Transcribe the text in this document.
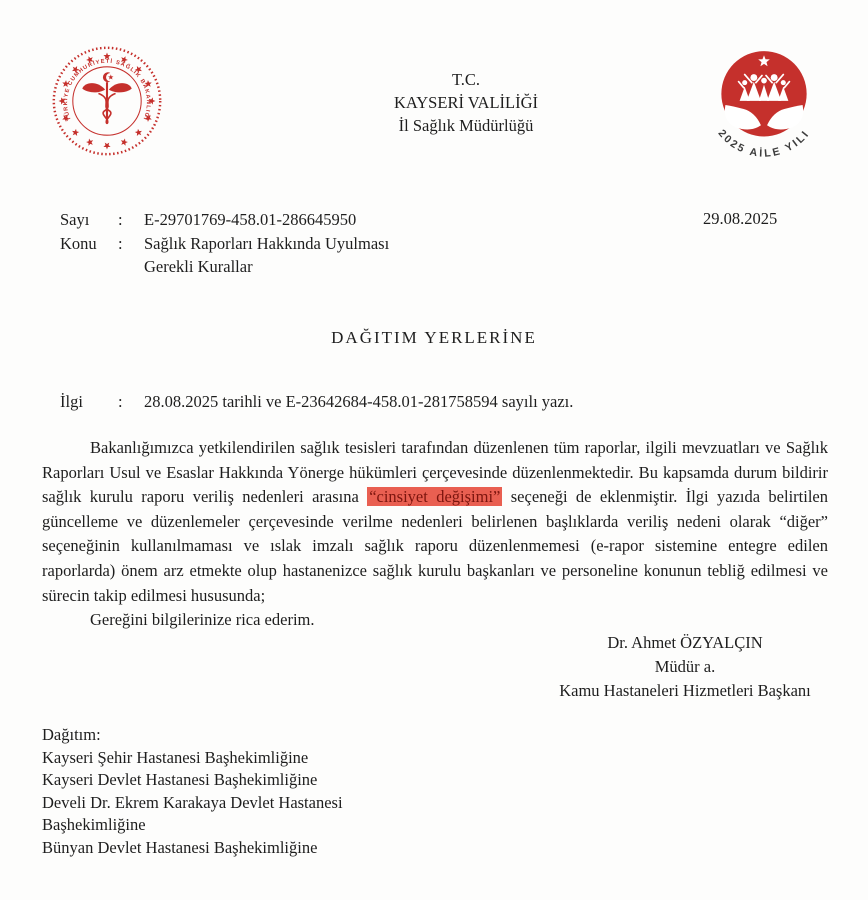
TÜRKİYE CUMHURİYETİ SAĞLIK BAKANLIĞI
2025 AİLE YILI
T.C.
KAYSERİ VALİLİĞİ
İl Sağlık Müdürlüğü
Sayı	:	E-29701769-458.01-286645950
Konu	:	Sağlık Raporları Hakkında Uyulması
Gerekli Kurallar
29.08.2025
DAĞITIM YERLERİNE
İlgi	:	28.08.2025 tarihli ve E-23642684-458.01-281758594 sayılı yazı.

Bakanlığımızca yetkilendirilen sağlık tesisleri tarafından düzenlenen tüm raporlar, ilgili mevzuatları ve Sağlık Raporları Usul ve Esaslar Hakkında Yönerge hükümleri çerçevesinde düzenlenmektedir. Bu kapsamda durum bildirir sağlık kurulu raporu veriliş nedenleri arasına “cinsiyet değişimi” seçeneği de eklenmiştir. İlgi yazıda belirtilen güncelleme ve düzenlemeler çerçevesinde verilme nedenleri belirlenen başlıklarda veriliş nedeni olarak “diğer” seçeneğinin kullanılmaması ve ıslak imzalı sağlık raporu düzenlenmemesi (e-rapor sistemine entegre edilen raporlarda) önem arz etmekte olup hastanenizce sağlık kurulu başkanları ve personeline konunun tebliğ edilmesi ve sürecin takip edilmesi hususunda;

Gereğini bilgilerinize rica ederim.

Dr. Ahmet ÖZYALÇIN
Müdür a.
Kamu Hastaneleri Hizmetleri Başkanı
Dağıtım:
Kayseri Şehir Hastanesi Başhekimliğine
Kayseri Devlet Hastanesi Başhekimliğine
Develi Dr. Ekrem Karakaya Devlet Hastanesi Başhekimliğine
Bünyan Devlet Hastanesi Başhekimliğine
